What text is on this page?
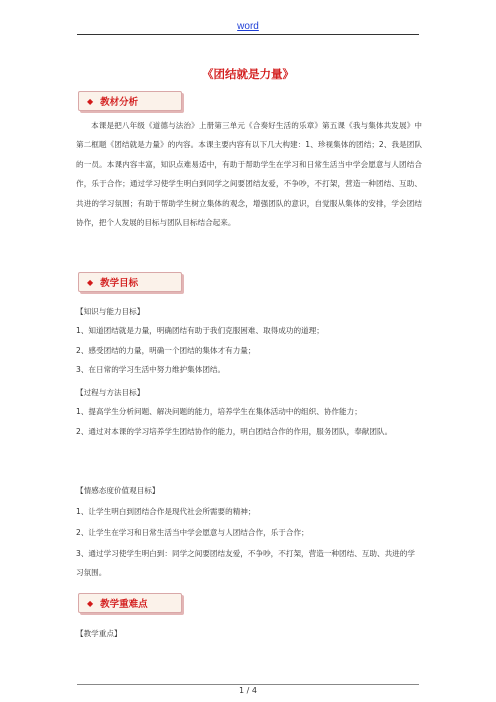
word
《团结就是力量》
◆ 教材分析
本课是把八年级《道德与法治》上册第三单元《合奏好生活的乐章》第五课《我与集体共发展》中第二框题《团结就是力量》的内容。本课主要内容有以下几大构建：1、珍视集体的团结；2、我是团队的一员。本课内容丰富，知识点难易适中，有助于帮助学生在学习和日常生活当中学会愿意与人团结合作，乐于合作；通过学习使学生明白到同学之间要团结友爱，不争吵，不打架，营造一种团结、互助、共进的学习氛围；有助于帮助学生树立集体的观念，增强团队的意识，自觉服从集体的安排，学会团结协作，把个人发展的目标与团队目标结合起来。
◆ 教学目标
【知识与能力目标】
1、知道团结就是力量，明确团结有助于我们克服困难、取得成功的道理；
2、感受团结的力量，明确一个团结的集体才有力量；
3、在日常的学习生活中努力维护集体团结。
【过程与方法目标】
1、提高学生分析问题、解决问题的能力，培养学生在集体活动中的组织、协作能力；
2、通过对本课的学习培养学生团结协作的能力，明白团结合作的作用，服务团队，奉献团队。
【情感态度价值观目标】
1、让学生明白到团结合作是现代社会所需要的精神；
2、让学生在学习和日常生活当中学会愿意与人团结合作，乐于合作；
3、通过学习使学生明白到：同学之间要团结友爱，不争吵，不打架，营造一种团结、互助、共进的学习氛围。
◆ 教学重难点
【教学重点】
1 / 4
